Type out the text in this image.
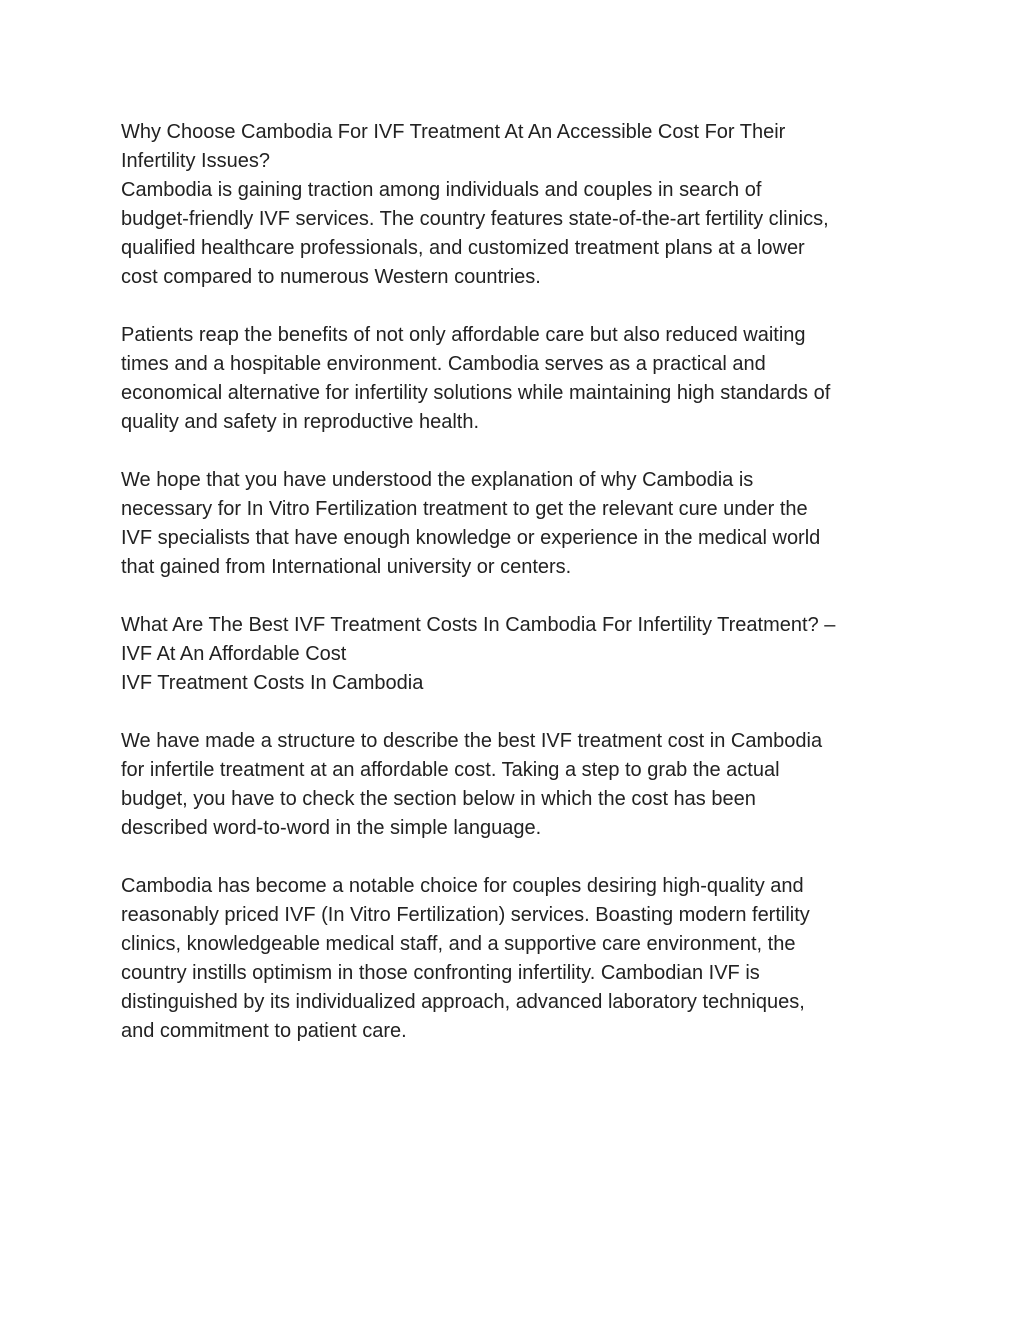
Why Choose Cambodia For IVF Treatment At An Accessible Cost For Their
Infertility Issues?
Cambodia is gaining traction among individuals and couples in search of
budget-friendly IVF services. The country features state-of-the-art fertility clinics,
qualified healthcare professionals, and customized treatment plans at a lower
cost compared to numerous Western countries.
Patients reap the benefits of not only affordable care but also reduced waiting
times and a hospitable environment. Cambodia serves as a practical and
economical alternative for infertility solutions while maintaining high standards of
quality and safety in reproductive health.
We hope that you have understood the explanation of why Cambodia is
necessary for In Vitro Fertilization treatment to get the relevant cure under the
IVF specialists that have enough knowledge or experience in the medical world
that gained from International university or centers.
What Are The Best IVF Treatment Costs In Cambodia For Infertility Treatment? –
IVF At An Affordable Cost
IVF Treatment Costs In Cambodia
We have made a structure to describe the best IVF treatment cost in Cambodia
for infertile treatment at an affordable cost. Taking a step to grab the actual
budget, you have to check the section below in which the cost has been
described word-to-word in the simple language.
Cambodia has become a notable choice for couples desiring high-quality and
reasonably priced IVF (In Vitro Fertilization) services. Boasting modern fertility
clinics, knowledgeable medical staff, and a supportive care environment, the
country instills optimism in those confronting infertility. Cambodian IVF is
distinguished by its individualized approach, advanced laboratory techniques,
and commitment to patient care.
